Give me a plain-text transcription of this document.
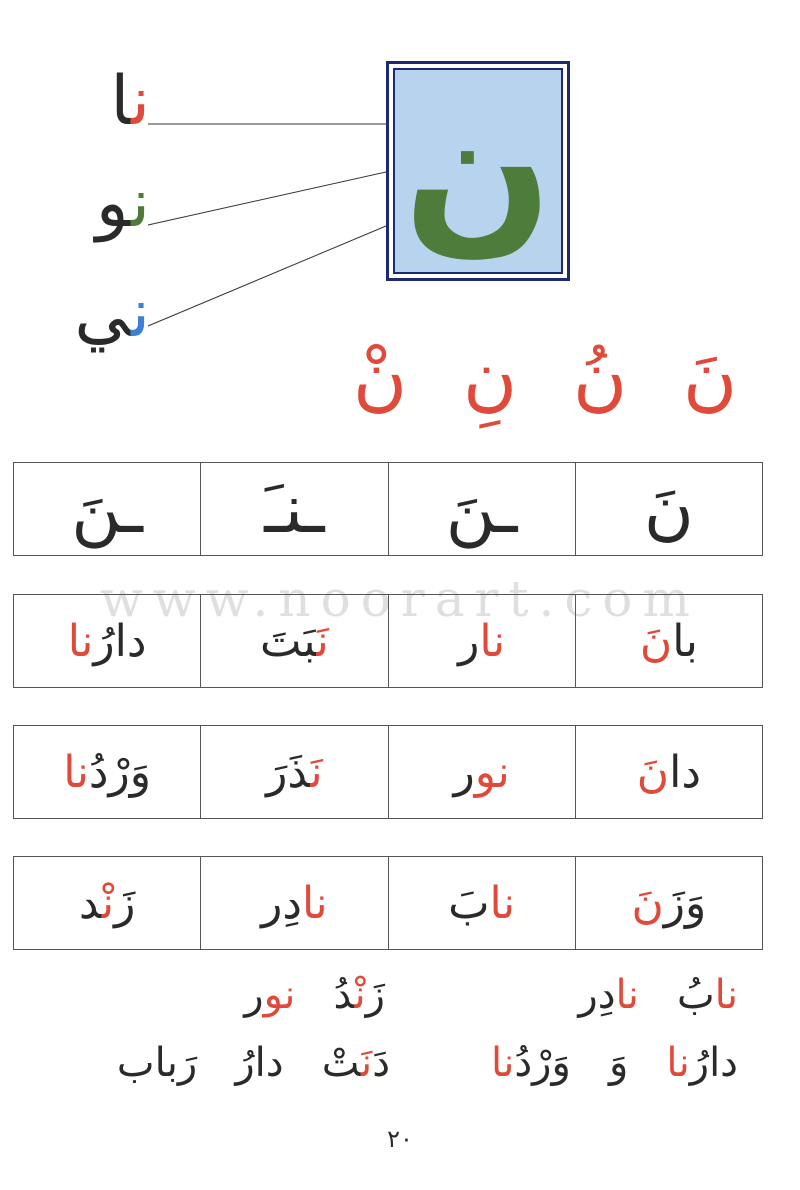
نا
نو
ني
ن
نَ
نُ
نِ
نْ
نَ	ـنَ	ـنـَ	ـنَ
www.noorart.com
بانَ	نار	نَبَتَ	دارُنا
دانَ	نور	نَذَرَ	وَرْدُنا
وَزَنَ	نابَ	نادِر	زَنْد
نابُ   نادِر
زَنْدُ   نور
دارُنا   وَ   وَرْدُنا
دَنَتْ   دارُ   رَباب
٢٠
